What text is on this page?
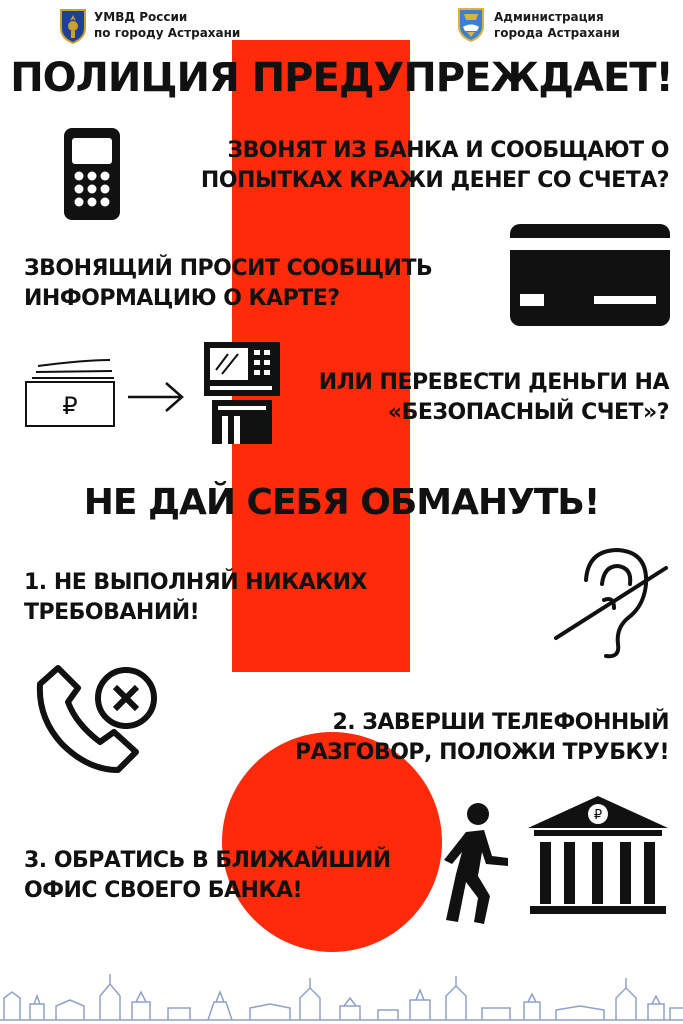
УМВД России
по городу Астрахани
Администрация
города Астрахани
ПОЛИЦИЯ ПРЕДУПРЕЖДАЕТ!
ЗВОНЯТ ИЗ БАНКА И СООБЩАЮТ О
ПОПЫТКАХ КРАЖИ ДЕНЕГ СО СЧЕТА?
ЗВОНЯЩИЙ ПРОСИТ СООБЩИТЬ
ИНФОРМАЦИЮ О КАРТЕ?
₽
ИЛИ ПЕРЕВЕСТИ ДЕНЬГИ НА
«БЕЗОПАСНЫЙ СЧЕТ»?
НЕ ДАЙ СЕБЯ ОБМАНУТЬ!
1. НЕ ВЫПОЛНЯЙ НИКАКИХ
ТРЕБОВАНИЙ!
2. ЗАВЕРШИ ТЕЛЕФОННЫЙ
РАЗГОВОР, ПОЛОЖИ ТРУБКУ!
3. ОБРАТИСЬ В БЛИЖАЙШИЙ
ОФИС СВОЕГО БАНКА!
₽
